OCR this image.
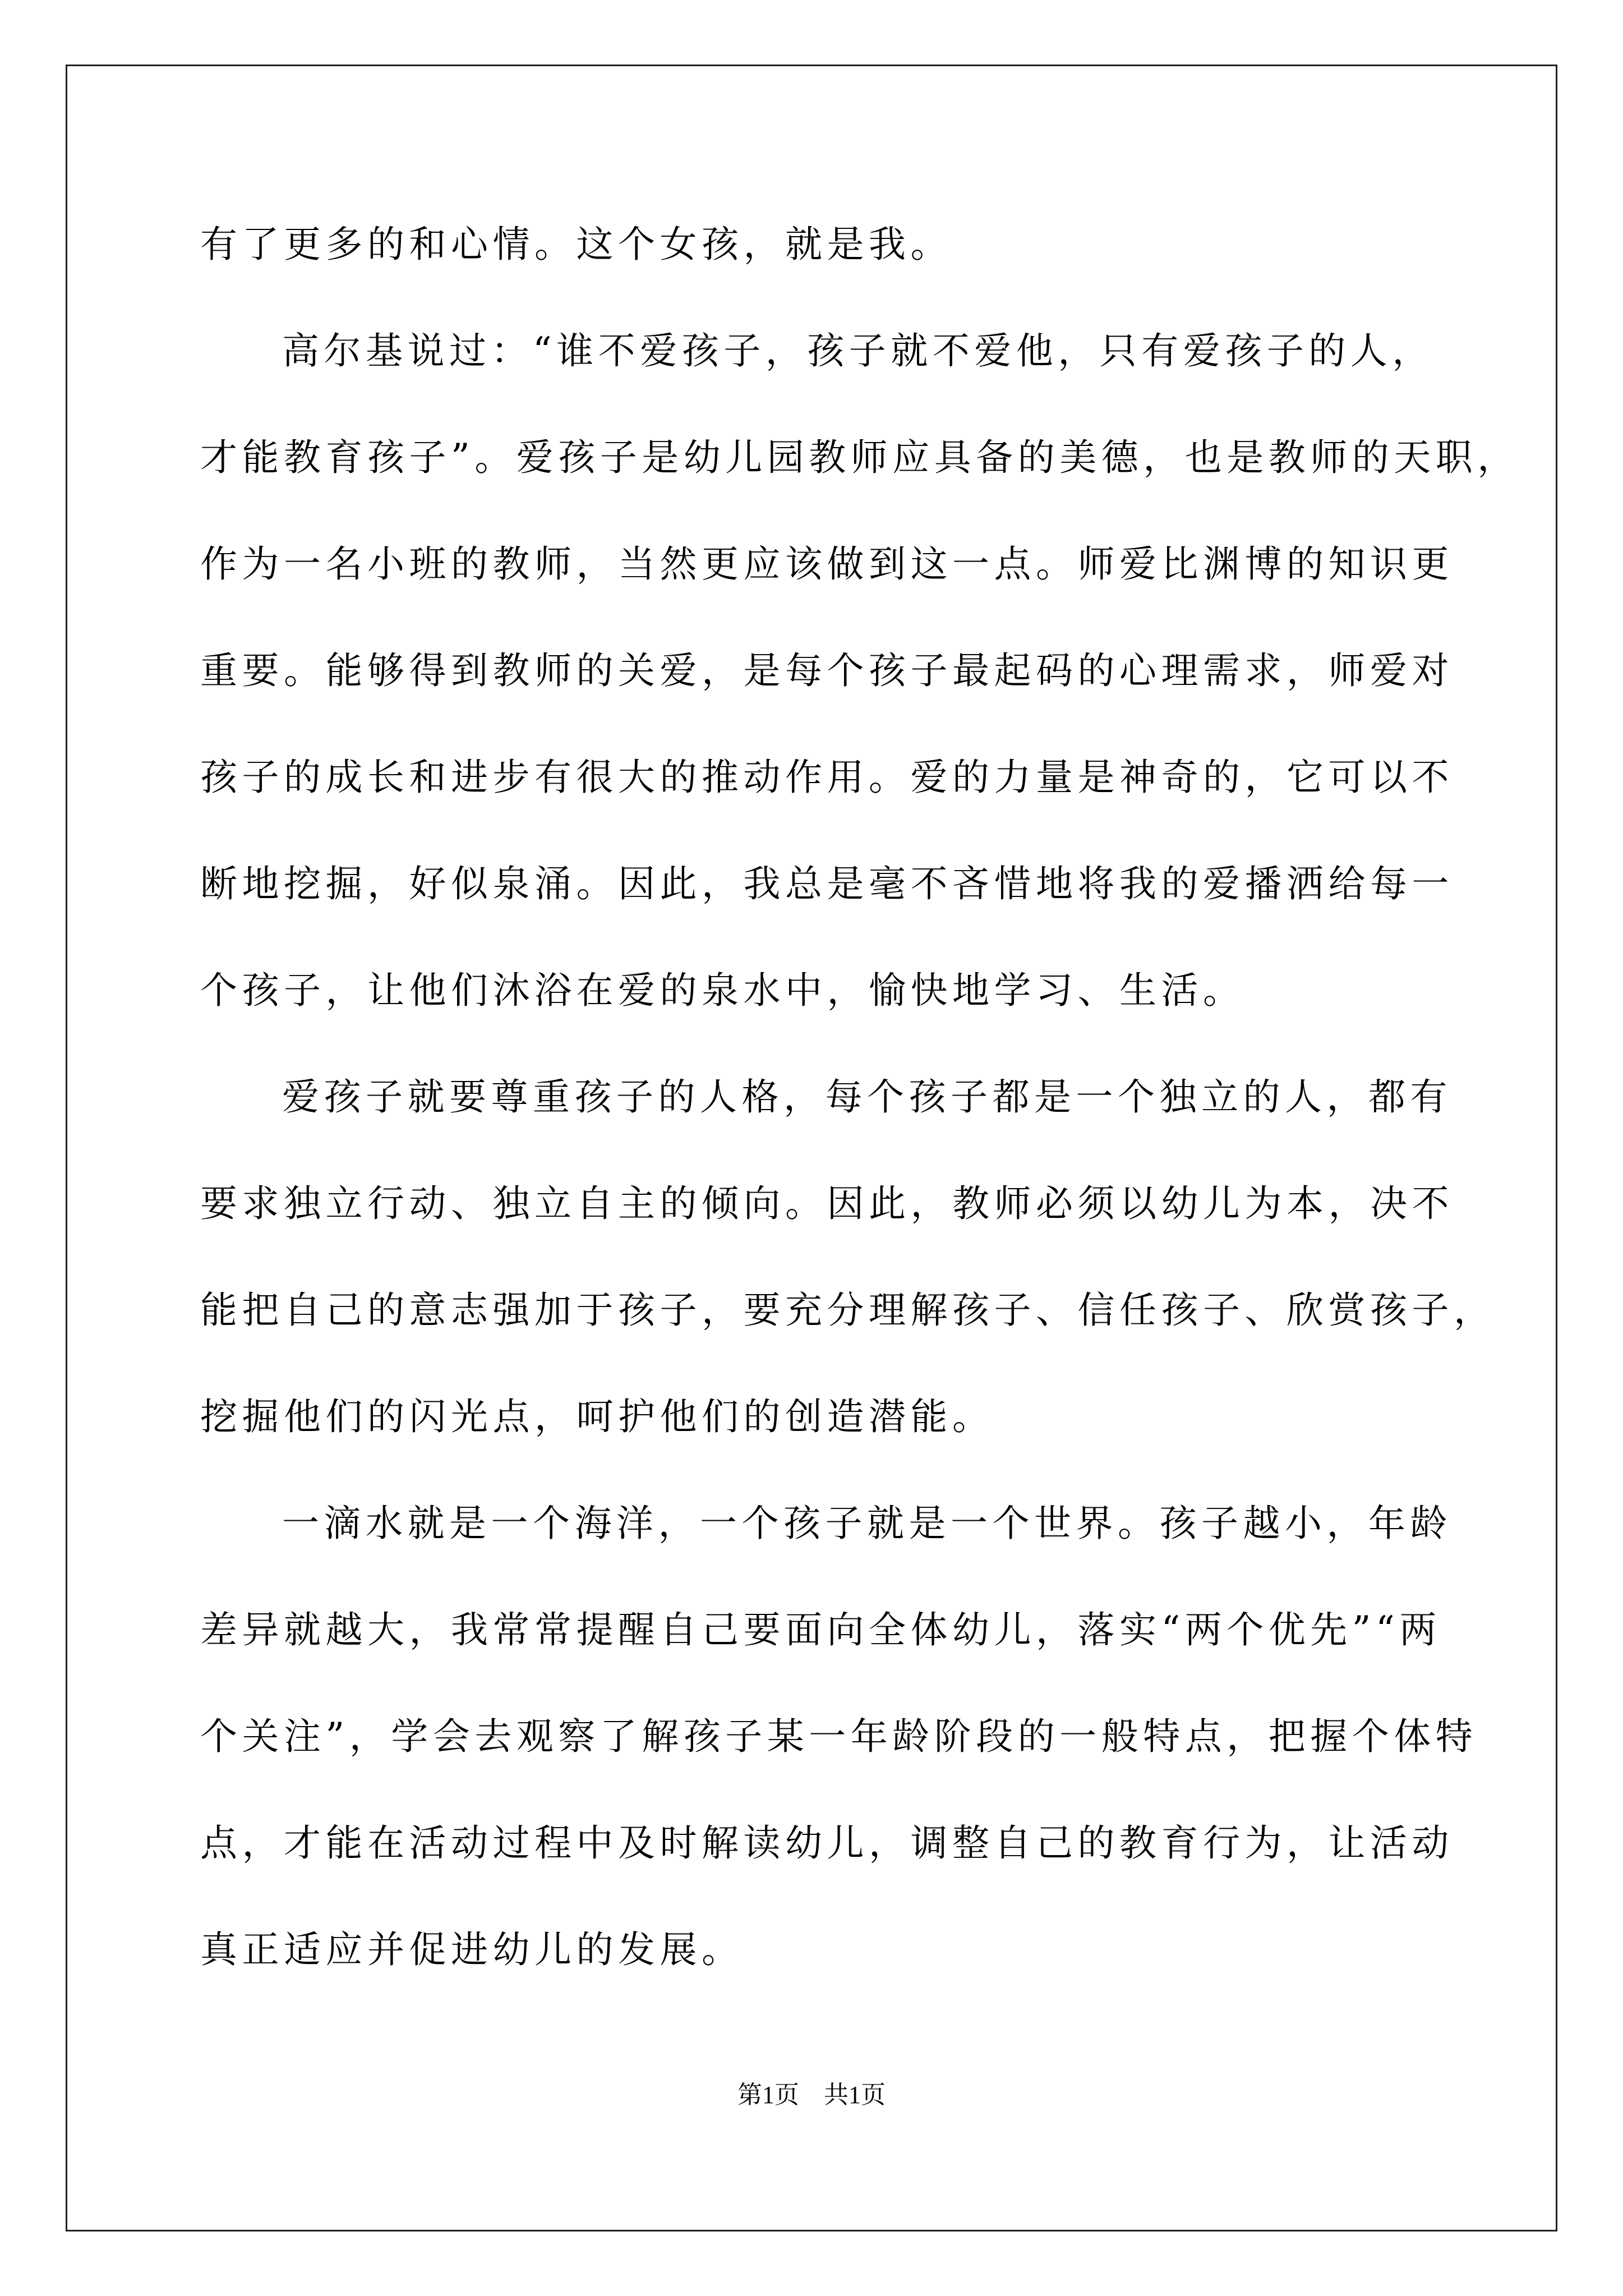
有了更多的和心情。这个女孩，就是我。
高尔基说过：“谁不爱孩子，孩子就不爱他，只有爱孩子的人，
才能教育孩子”。爱孩子是幼儿园教师应具备的美德，也是教师的天职，
作为一名小班的教师，当然更应该做到这一点。师爱比渊博的知识更
重要。能够得到教师的关爱，是每个孩子最起码的心理需求，师爱对
孩子的成长和进步有很大的推动作用。爱的力量是神奇的，它可以不
断地挖掘，好似泉涌。因此，我总是毫不吝惜地将我的爱播洒给每一
个孩子，让他们沐浴在爱的泉水中，愉快地学习、生活。
爱孩子就要尊重孩子的人格，每个孩子都是一个独立的人，都有
要求独立行动、独立自主的倾向。因此，教师必须以幼儿为本，决不
能把自己的意志强加于孩子，要充分理解孩子、信任孩子、欣赏孩子，
挖掘他们的闪光点，呵护他们的创造潜能。
一滴水就是一个海洋，一个孩子就是一个世界。孩子越小，年龄
差异就越大，我常常提醒自己要面向全体幼儿，落实“两个优先”“两
个关注”，学会去观察了解孩子某一年龄阶段的一般特点，把握个体特
点，才能在活动过程中及时解读幼儿，调整自己的教育行为，让活动
真正适应并促进幼儿的发展。
第1页 共1页
